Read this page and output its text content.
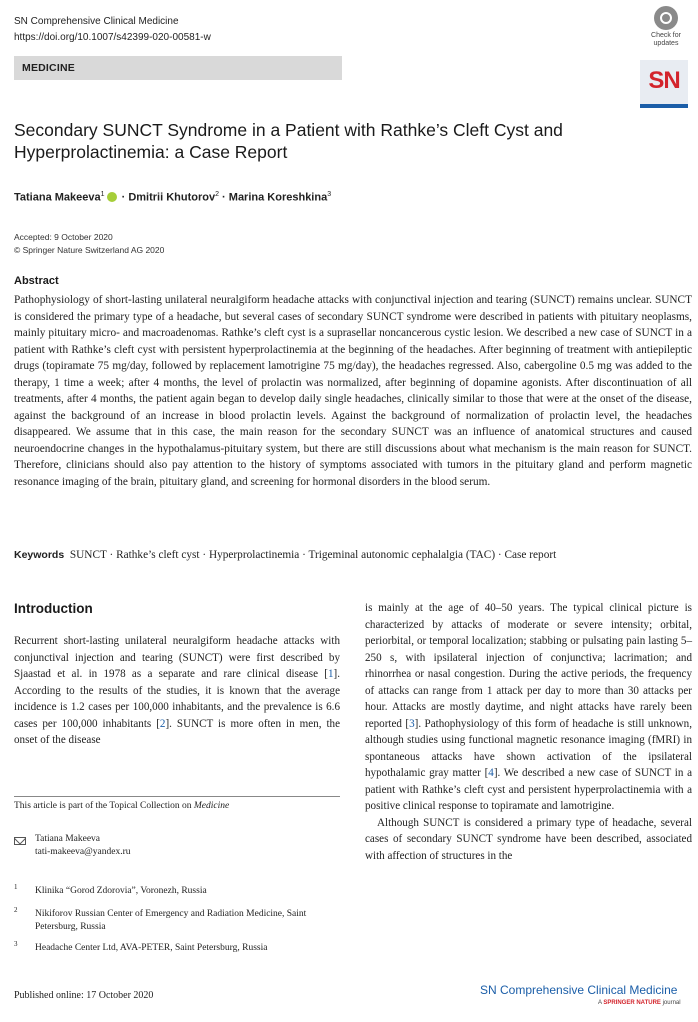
SN Comprehensive Clinical Medicine
https://doi.org/10.1007/s42399-020-00581-w	Check for
updates
MEDICINE	SN
Secondary SUNCT Syndrome in a Patient with Rathke’s Cleft Cyst and Hyperprolactinemia: a Case Report
Tatiana Makeeva$^1$ · Dmitrii Khutorov$^2$ · Marina Koreshkina$^3$
Accepted: 9 October 2020
© Springer Nature Switzerland AG 2020
Abstract
Pathophysiology of short-lasting unilateral neuralgiform headache attacks with conjunctival injection and tearing (SUNCT) remains unclear. SUNCT is considered the primary type of a headache, but several cases of secondary SUNCT syndrome were described in patients with pituitary neoplasms, mainly pituitary micro- and macroadenomas. Rathke’s cleft cyst is a suprasellar noncancerous cystic lesion. We described a new case of SUNCT in a patient with Rathke’s cleft cyst with persistent hyperprolactinemia at the beginning of the headaches. After beginning of treatment with antiepileptic drugs (topiramate 75 mg/day, followed by replacement lamotrigine 75 mg/day), the headaches regressed. Also, cabergoline 0.5 mg was added to the therapy, 1 time a week; after 4 months, the level of prolactin was normalized, after beginning of dopamine agonists. After discontinuation of all treatments, after 4 months, the patient again began to develop daily single headaches, clinically similar to those that were at the onset of the disease, against the background of an increase in blood prolactin levels. Against the background of normalization of prolactin level, the headaches disappeared. We assume that in this case, the main reason for the secondary SUNCT was an influence of anatomical structures and caused neuroendocrine changes in the hypothalamus-pituitary system, but there are still discussions about what mechanism is the main reason for SUNCT. Therefore, clinicians should also pay attention to the history of symptoms associated with tumors in the pituitary gland and perform magnetic resonance imaging of the brain, pituitary gland, and screening for hormonal disorders in the blood serum.
Keywords SUNCT · Rathke’s cleft cyst · Hyperprolactinemia · Trigeminal autonomic cephalalgia (TAC) · Case report
Introduction

Recurrent short-lasting unilateral neuralgiform headache attacks with conjunctival injection and tearing (SUNCT) were first described by Sjaastad et al. in 1978 as a separate and rare clinical disease [1]. According to the results of the studies, it is known that the average incidence is 1.2 cases per 100,000 inhabitants, and the prevalence is 6.6 cases per 100,000 inhabitants [2]. SUNCT is more often in men, the onset of the disease

is mainly at the age of 40–50 years. The typical clinical picture is characterized by attacks of moderate or severe intensity; orbital, periorbital, or temporal localization; stabbing or pulsating pain lasting 5–250 s, with ipsilateral injection of conjunctiva; lacrimation; and rhinorrhea or nasal congestion. During the active periods, the frequency of attacks can range from 1 attack per day to more than 30 attacks per hour. Attacks are mostly daytime, and night attacks have rarely been reported [3]. Pathophysiology of this form of headache is still unknown, although studies using functional magnetic resonance imaging (fMRI) in spontaneous attacks have shown activation of the ipsilateral hypothalamic gray matter [4]. We described a new case of SUNCT in a patient with Rathke’s cleft cyst and persistent hyperprolactinemia with a positive clinical response to topiramate and lamotrigine.

Although SUNCT is considered a primary type of headache, several cases of secondary SUNCT syndrome have been described, associated with affection of structures in the

This article is part of the Topical Collection on Medicine
Tatiana Makeeva
tati-makeeva@yandex.ru
1 Klinika “Gorod Zdorovia”, Voronezh, Russia
2 Nikiforov Russian Center of Emergency and Radiation Medicine, Saint Petersburg, Russia
3 Headache Center Ltd, AVA-PETER, Saint Petersburg, Russia
Published online: 17 October 2020	SN Comprehensive Clinical Medicine
A SPRINGER NATURE journal
